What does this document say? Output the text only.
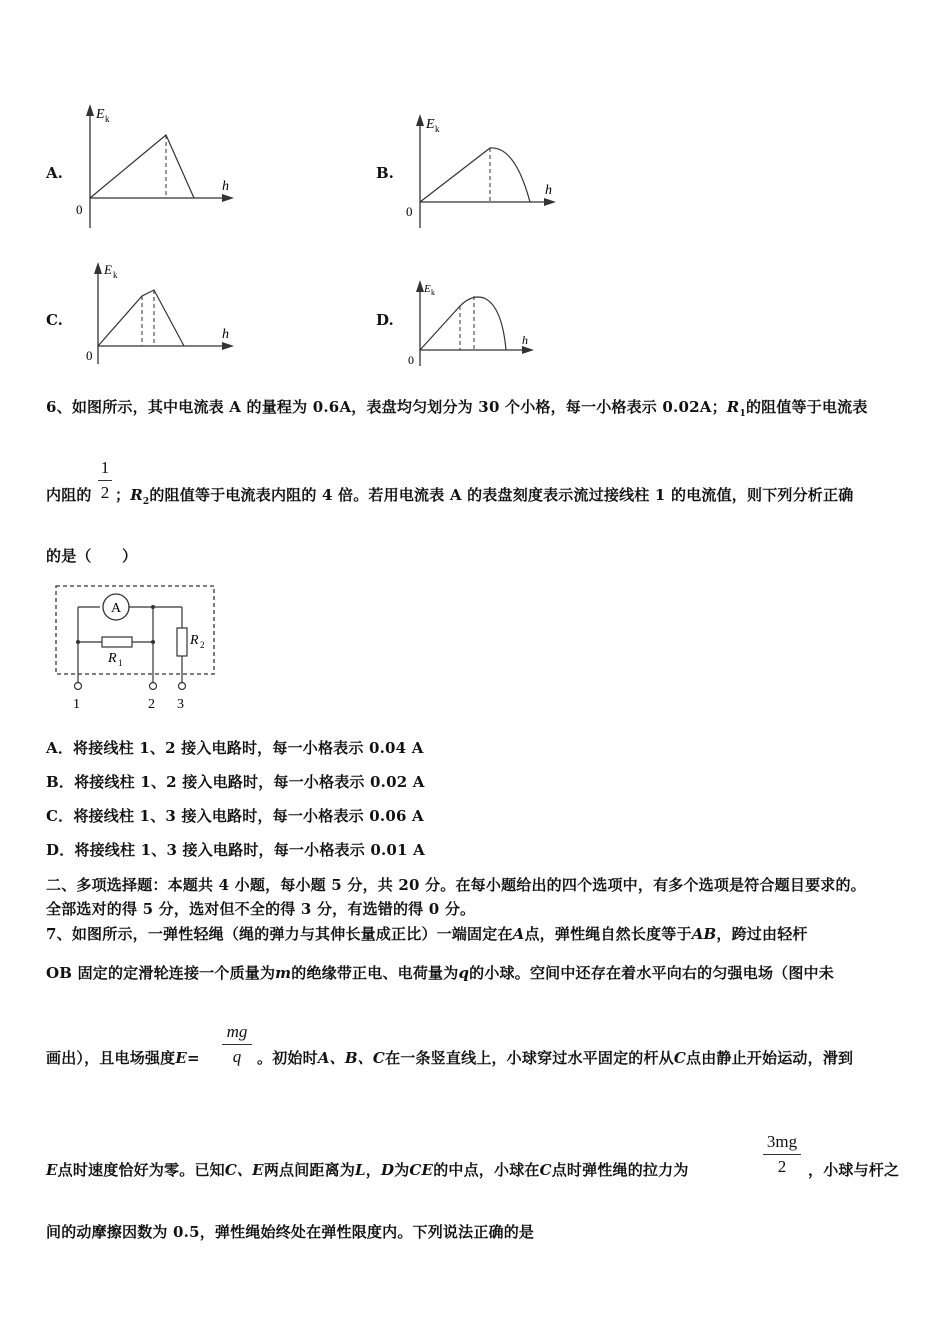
A.
E k
h
0
B.
E k
h
0
C.
E k
h
0
D.
E k
h
0
6、如图所示，其中电流表 A 的量程为 0.6A，表盘均匀划分为 30 个小格，每一小格表示 0.02A；$R_1$的阻值等于电流表
1
2
内阻的 ；$R_2$的阻值等于电流表内阻的 4 倍。若用电流表 A 的表盘刻度表示流过接线柱 1 的电流值，则下列分析正确
的是（　　）
A
R 1
R 2
1	2 3
A．将接线柱 1、2 接入电路时，每一小格表示 0.04 A
B．将接线柱 1、2 接入电路时，每一小格表示 0.02 A
C．将接线柱 1、3 接入电路时，每一小格表示 0.06 A
D．将接线柱 1、3 接入电路时，每一小格表示 0.01 A
二、多项选择题：本题共 4 小题，每小题 5 分，共 20 分。在每小题给出的四个选项中，有多个选项是符合题目要求的。
全部选对的得 5 分，选对但不全的得 3 分，有选错的得 0 分。
7、如图所示，一弹性轻绳（绳的弹力与其伸长量成正比）一端固定在A点，弹性绳自然长度等于AB，跨过由轻杆
OB 固定的定滑轮连接一个质量为m的绝缘带正电、电荷量为q的小球。空间中还存在着水平向右的匀强电场（图中未
mg
q
画出），且电场强度E=	。初始时A、B、C在一条竖直线上，小球穿过水平固定的杆从C点由静止开始运动，滑到
3mg
2
E点时速度恰好为零。已知C、E两点间距离为L，D为CE的中点，小球在C点时弹性绳的拉力为	，小球与杆之
间的动摩擦因数为 0.5，弹性绳始终处在弹性限度内。下列说法正确的是
